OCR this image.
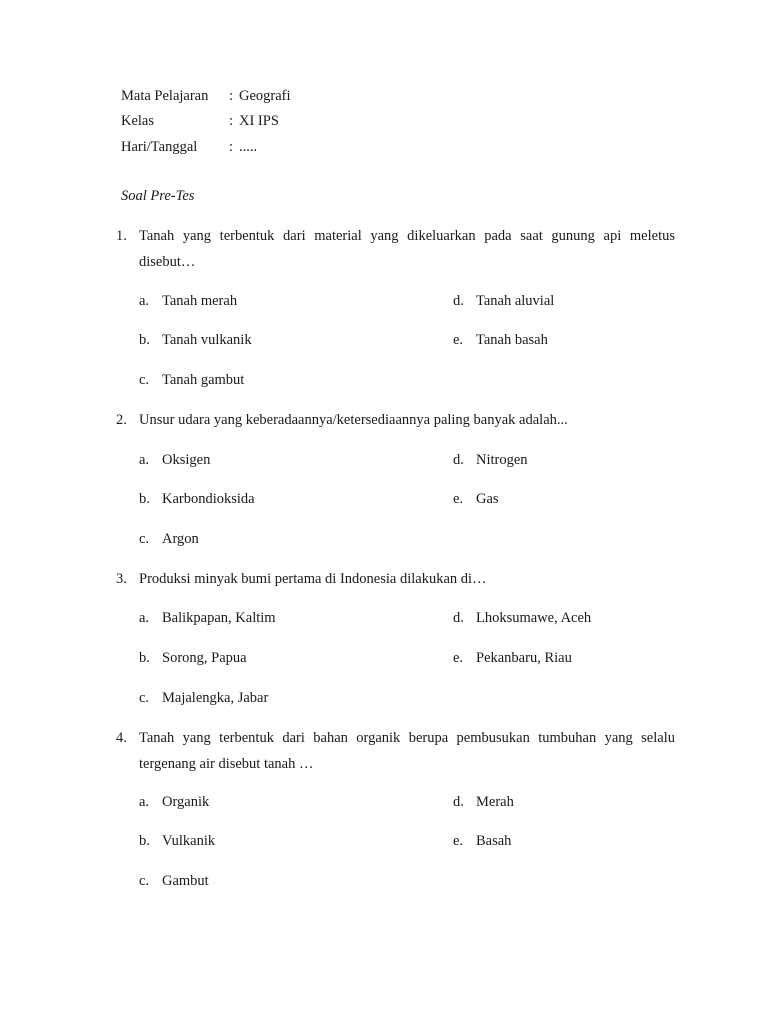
Mata Pelajaran : Geografi
Kelas	: XI IPS
Hari/Tanggal : .....
Soal Pre-Tes
1. Tanah yang terbentuk dari material yang dikeluarkan pada saat gunung api meletus disebut…
a. Tanah merah
b. Tanah vulkanik
c. Tanah gambut
d. Tanah aluvial
e. Tanah basah
2. Unsur udara yang keberadaannya/ketersediaannya paling banyak adalah...
a. Oksigen
b. Karbondioksida
c. Argon
d. Nitrogen
e. Gas
3. Produksi minyak bumi pertama di Indonesia dilakukan di…
a. Balikpapan, Kaltim
b. Sorong, Papua
c. Majalengka, Jabar
d. Lhoksumawe, Aceh
e. Pekanbaru, Riau
4. Tanah yang terbentuk dari bahan organik berupa pembusukan tumbuhan yang selalu tergenang air disebut tanah …
a. Organik
b. Vulkanik
c. Gambut
d. Merah
e. Basah
